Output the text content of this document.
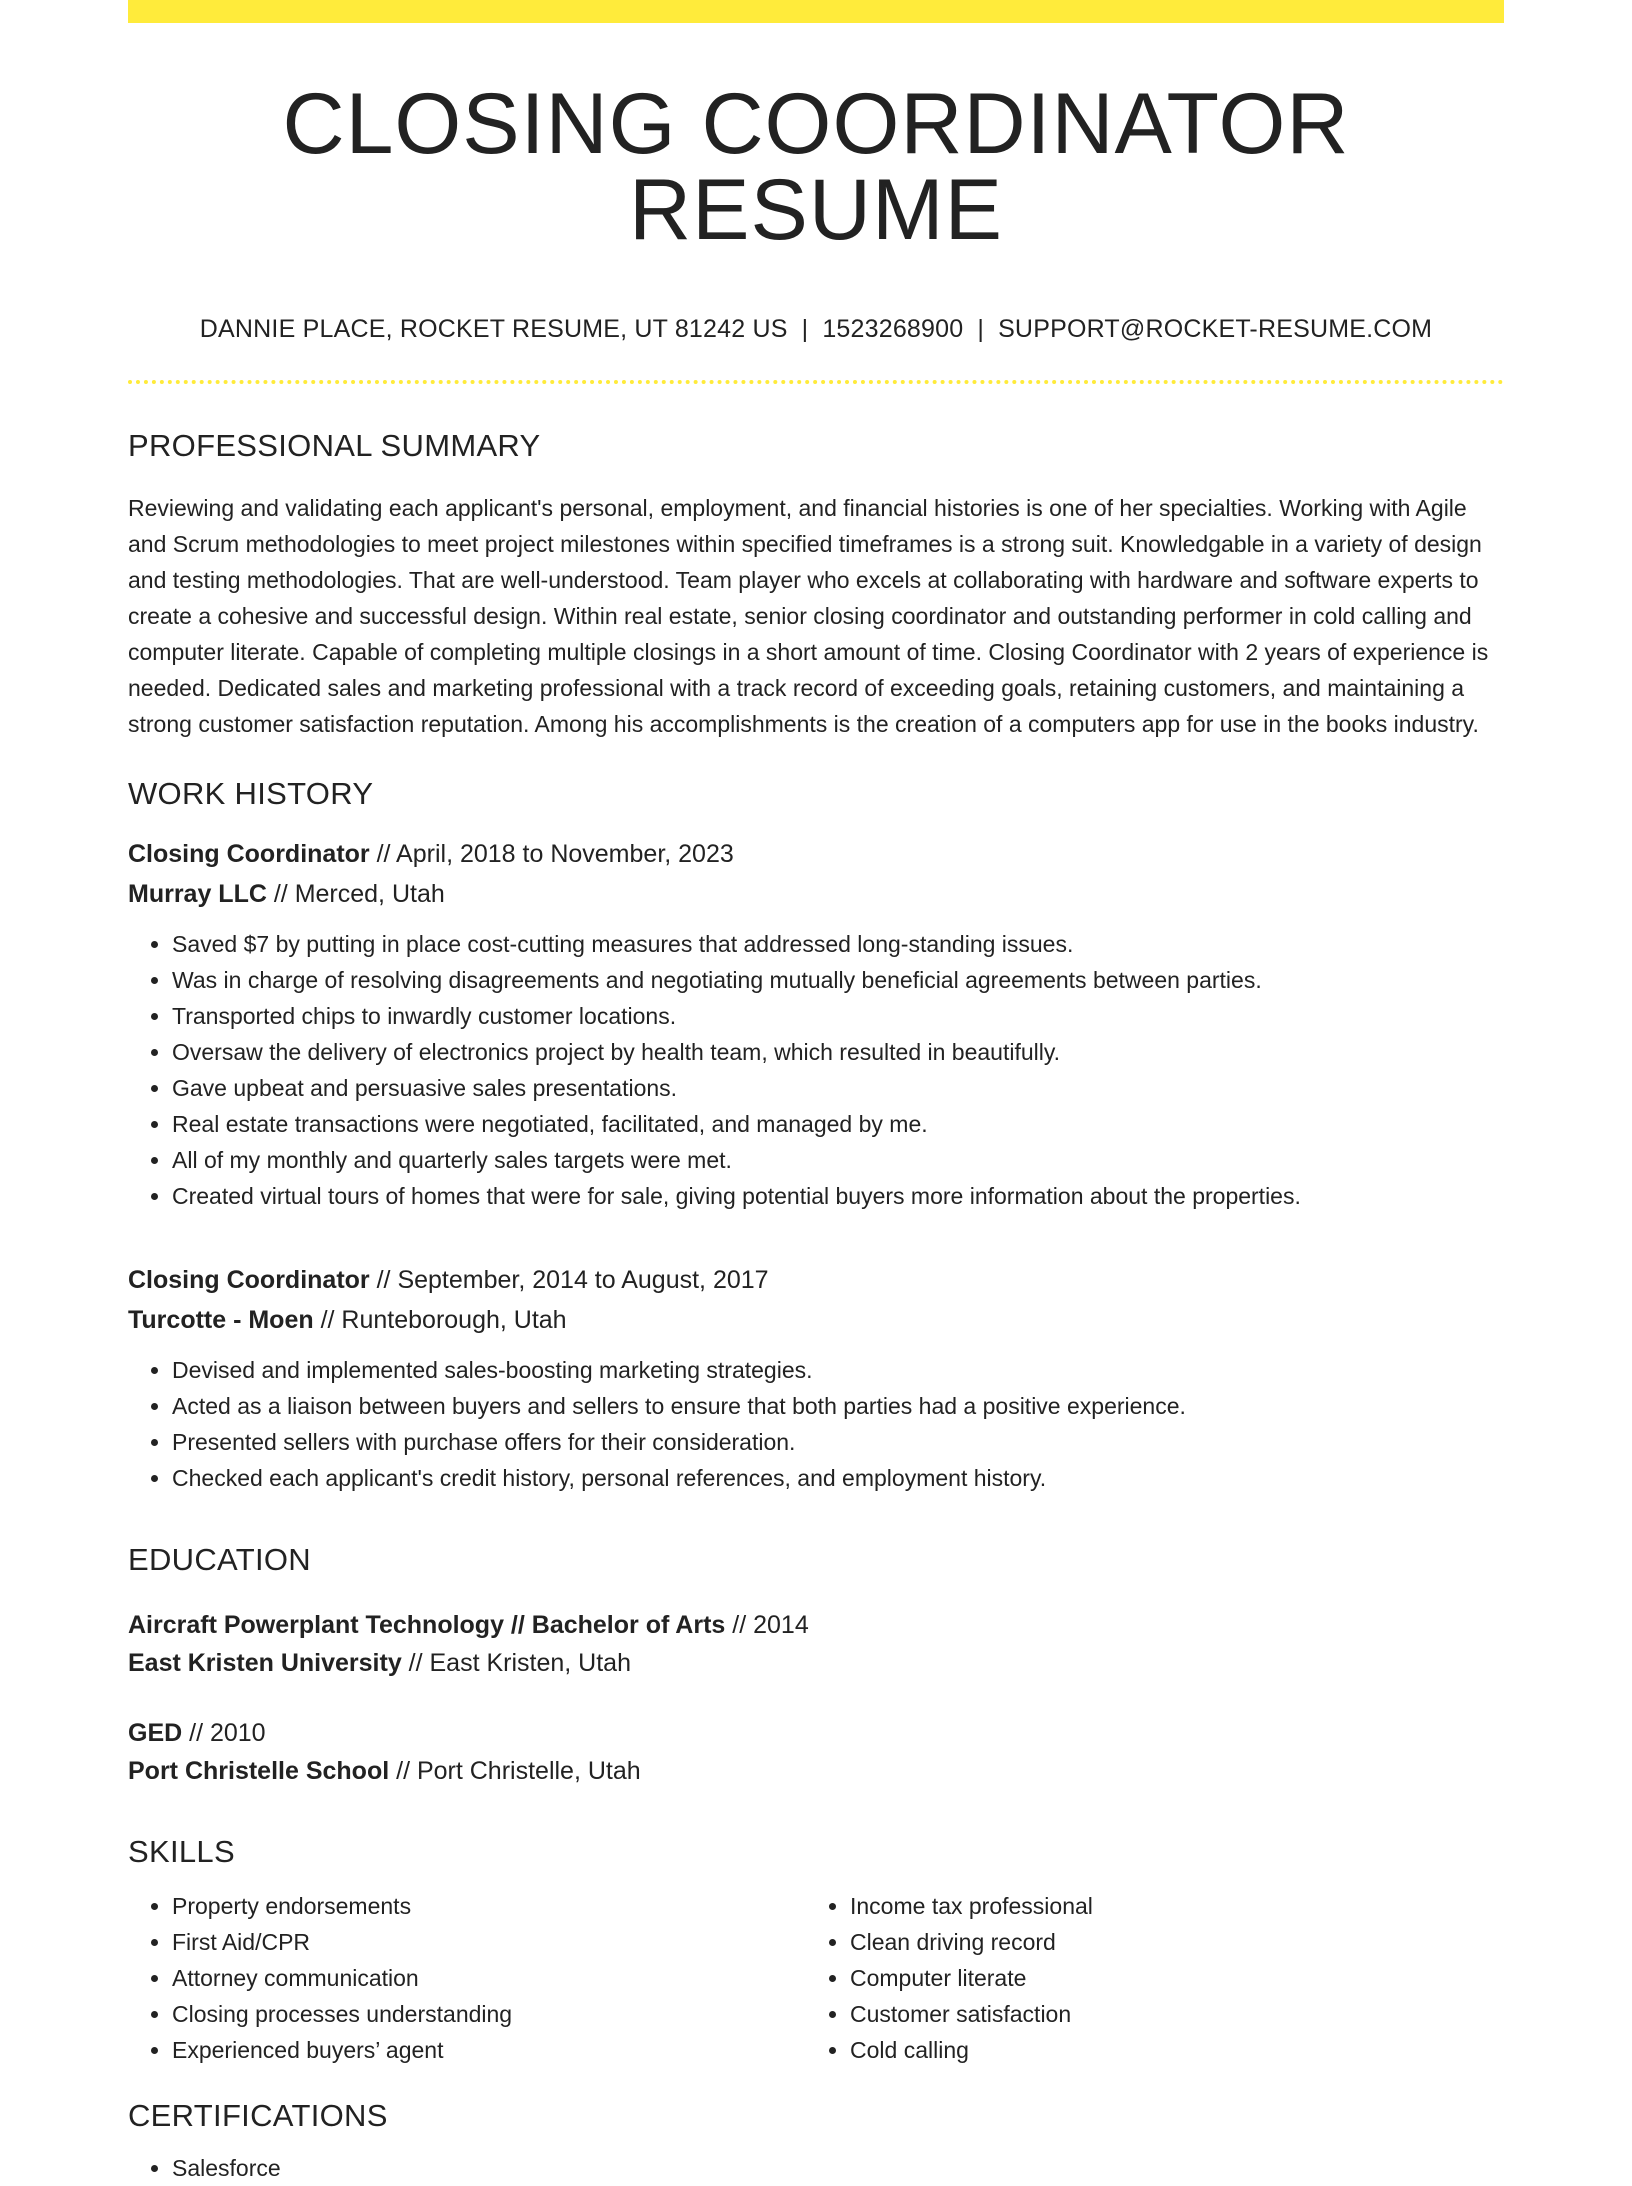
CLOSING COORDINATOR RESUME
DANNIE PLACE, ROCKET RESUME, UT 81242 US | 1523268900 | SUPPORT@ROCKET-RESUME.COM
PROFESSIONAL SUMMARY
Reviewing and validating each applicant's personal, employment, and financial histories is one of her specialties. Working with Agile and Scrum methodologies to meet project milestones within specified timeframes is a strong suit. Knowledgable in a variety of design and testing methodologies. That are well-understood. Team player who excels at collaborating with hardware and software experts to create a cohesive and successful design. Within real estate, senior closing coordinator and outstanding performer in cold calling and computer literate. Capable of completing multiple closings in a short amount of time. Closing Coordinator with 2 years of experience is needed. Dedicated sales and marketing professional with a track record of exceeding goals, retaining customers, and maintaining a strong customer satisfaction reputation. Among his accomplishments is the creation of a computers app for use in the books industry.
WORK HISTORY
Closing Coordinator // April, 2018 to November, 2023
Murray LLC // Merced, Utah
• Saved $7 by putting in place cost-cutting measures that addressed long-standing issues.
• Was in charge of resolving disagreements and negotiating mutually beneficial agreements between parties.
• Transported chips to inwardly customer locations.
• Oversaw the delivery of electronics project by health team, which resulted in beautifully.
• Gave upbeat and persuasive sales presentations.
• Real estate transactions were negotiated, facilitated, and managed by me.
• All of my monthly and quarterly sales targets were met.
• Created virtual tours of homes that were for sale, giving potential buyers more information about the properties.
Closing Coordinator // September, 2014 to August, 2017
Turcotte - Moen // Runteborough, Utah
• Devised and implemented sales-boosting marketing strategies.
• Acted as a liaison between buyers and sellers to ensure that both parties had a positive experience.
• Presented sellers with purchase offers for their consideration.
• Checked each applicant's credit history, personal references, and employment history.
EDUCATION
Aircraft Powerplant Technology // Bachelor of Arts // 2014
East Kristen University // East Kristen, Utah
GED // 2010
Port Christelle School // Port Christelle, Utah
SKILLS
• Property endorsements
• First Aid/CPR
• Attorney communication
• Closing processes understanding
• Experienced buyers’ agent
• Income tax professional
• Clean driving record
• Computer literate
• Customer satisfaction
• Cold calling
CERTIFICATIONS
• Salesforce
